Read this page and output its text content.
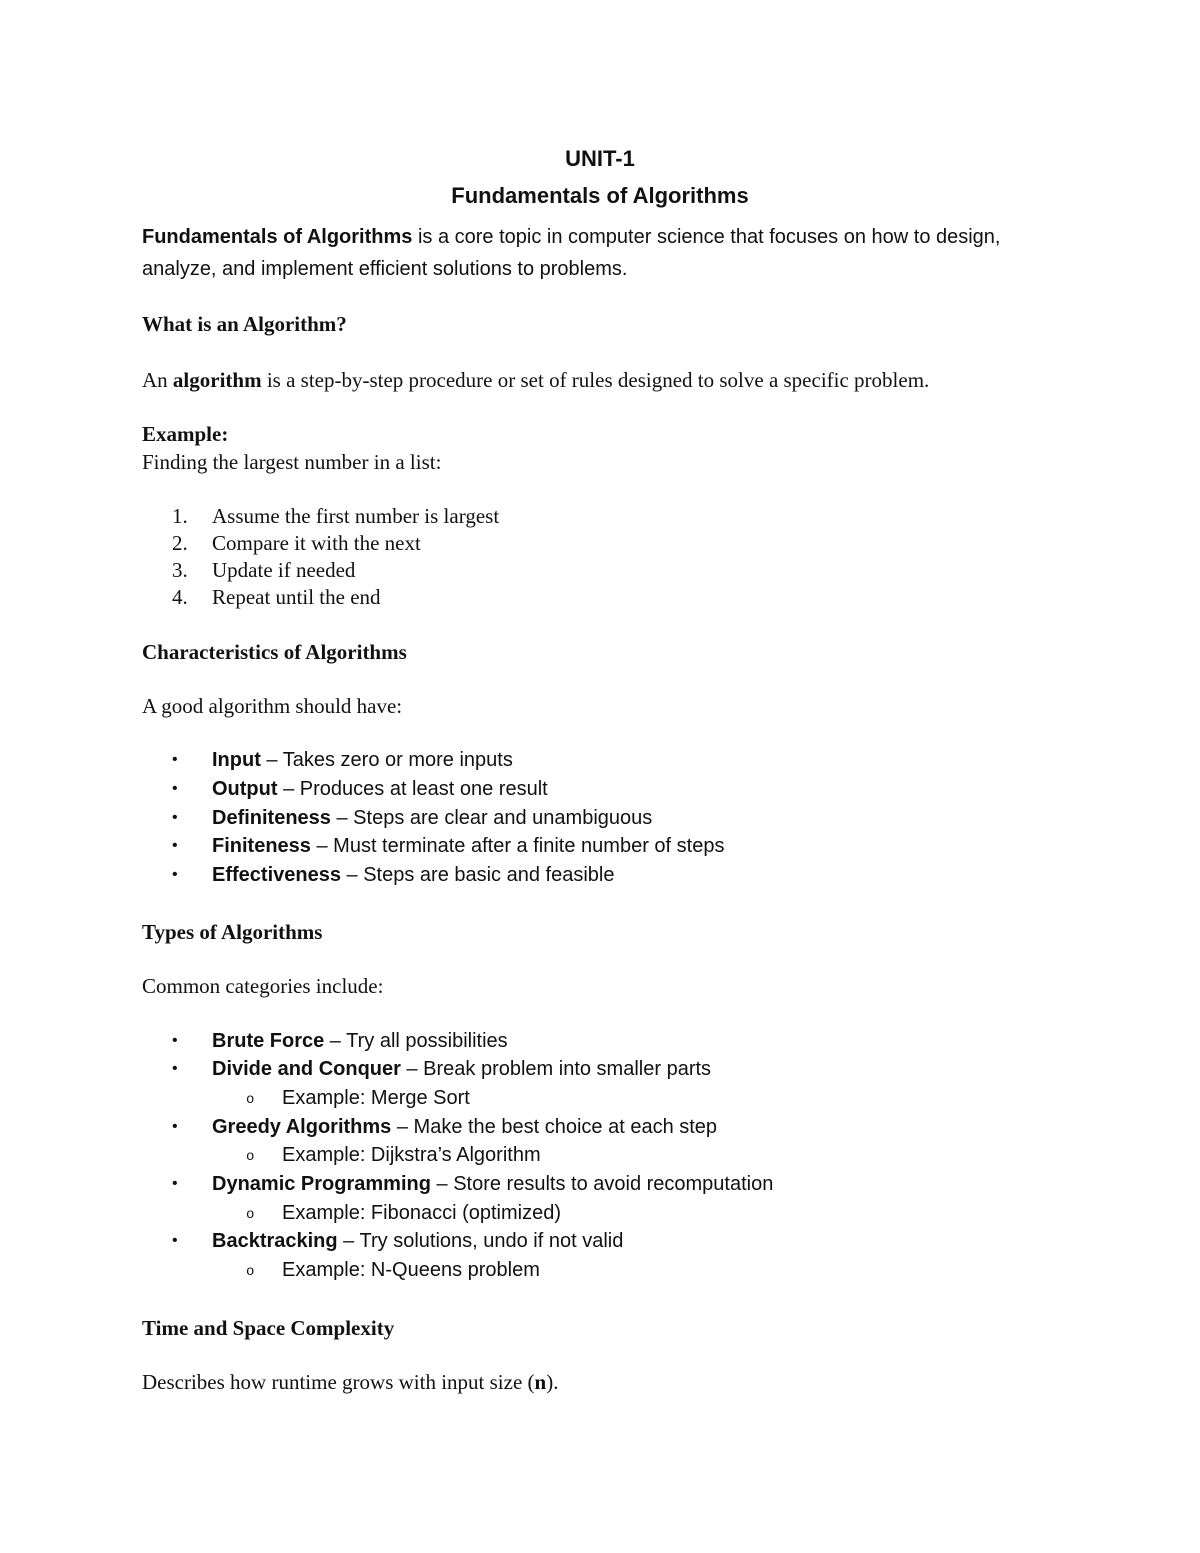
UNIT-1
Fundamentals of Algorithms
Fundamentals of Algorithms is a core topic in computer science that focuses on how to design, analyze, and implement efficient solutions to problems.
What is an Algorithm?
An algorithm is a step-by-step procedure or set of rules designed to solve a specific problem.
Example:
Finding the largest number in a list:
1. Assume the first number is largest
2. Compare it with the next
3. Update if needed
4. Repeat until the end
Characteristics of Algorithms
A good algorithm should have:
• Input – Takes zero or more inputs
• Output – Produces at least one result
• Definiteness – Steps are clear and unambiguous
• Finiteness – Must terminate after a finite number of steps
• Effectiveness – Steps are basic and feasible
Types of Algorithms
Common categories include:
• Brute Force – Try all possibilities
• Divide and Conquer – Break problem into smaller parts
o Example: Merge Sort
• Greedy Algorithms – Make the best choice at each step
o Example: Dijkstra’s Algorithm
• Dynamic Programming – Store results to avoid recomputation
o Example: Fibonacci (optimized)
• Backtracking – Try solutions, undo if not valid
o Example: N-Queens problem
Time and Space Complexity
Describes how runtime grows with input size (n).
